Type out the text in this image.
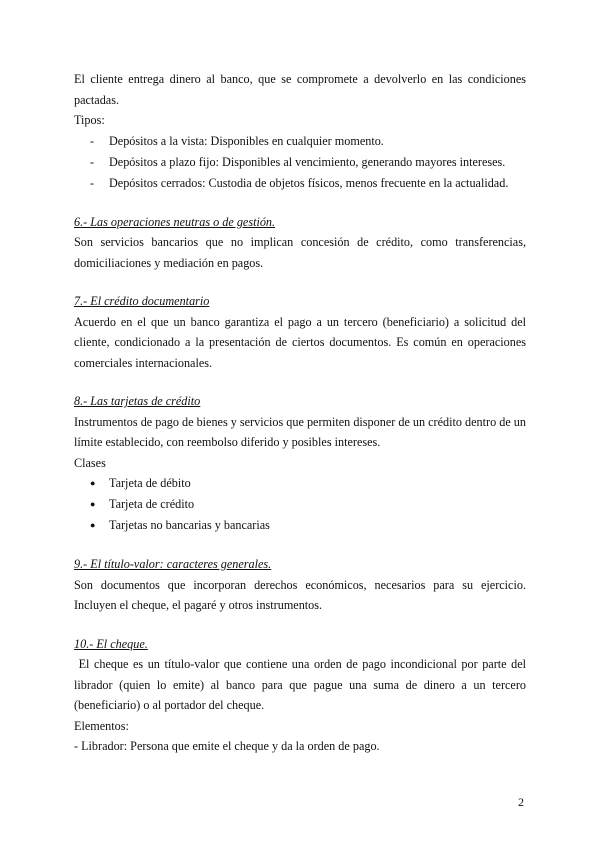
El cliente entrega dinero al banco, que se compromete a devolverlo en las condiciones pactadas.

Tipos:

- Depósitos a la vista: Disponibles en cualquier momento.
- Depósitos a plazo fijo: Disponibles al vencimiento, generando mayores intereses.
- Depósitos cerrados: Custodia de objetos físicos, menos frecuente en la actualidad.

6.- Las operaciones neutras o de gestión.

Son servicios bancarios que no implican concesión de crédito, como transferencias, domiciliaciones y mediación en pagos.

7.- El crédito documentario

Acuerdo en el que un banco garantiza el pago a un tercero (beneficiario) a solicitud del cliente, condicionado a la presentación de ciertos documentos. Es común en operaciones comerciales internacionales.

8.- Las tarjetas de crédito

Instrumentos de pago de bienes y servicios que permiten disponer de un crédito dentro de un límite establecido, con reembolso diferido y posibles intereses.

Clases

● Tarjeta de débito
● Tarjeta de crédito
● Tarjetas no bancarias y bancarias

9.- El título-valor: caracteres generales.

Son documentos que incorporan derechos económicos, necesarios para su ejercicio. Incluyen el cheque, el pagaré y otros instrumentos.

10.- El cheque.

El cheque es un título-valor que contiene una orden de pago incondicional por parte del librador (quien lo emite) al banco para que pague una suma de dinero a un tercero (beneficiario) o al portador del cheque.

Elementos:

- Librador: Persona que emite el cheque y da la orden de pago.

2
